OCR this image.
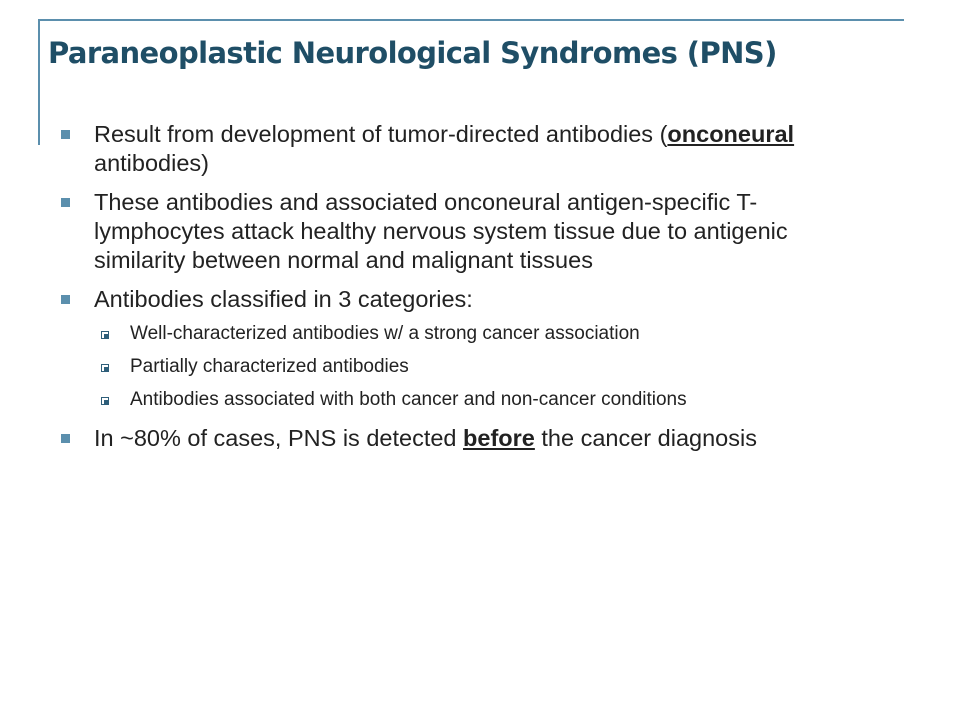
Paraneoplastic Neurological Syndromes (PNS)
Result from development of tumor-directed antibodies (onconeural antibodies)
These antibodies and associated onconeural antigen-specific T-lymphocytes attack healthy nervous system tissue due to antigenic similarity between normal and malignant tissues
Antibodies classified in 3 categories:
Well-characterized antibodies w/ a strong cancer association
Partially characterized antibodies
Antibodies associated with both cancer and non-cancer conditions
In ~80% of cases, PNS is detected before the cancer diagnosis
